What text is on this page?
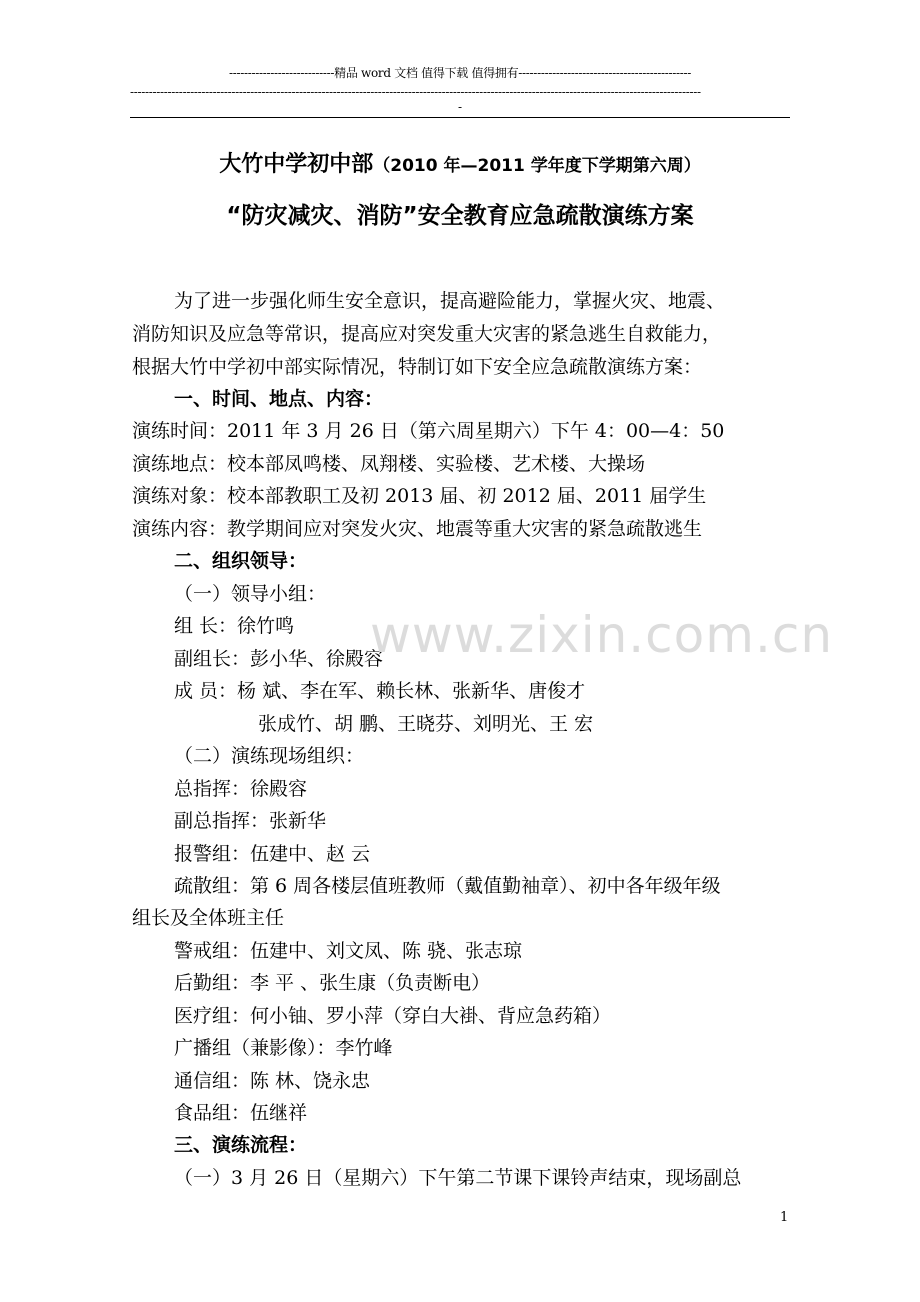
----------------------------精品 word 文档 值得下载 值得拥有----------------------------------------------
--------------------------------------------------------------------------------------------------------------------------------------------------------
-
大竹中学初中部（2010 年—2011 学年度下学期第六周）
“防灾减灾、消防”安全教育应急疏散演练方案
为了进一步强化师生安全意识，提高避险能力，掌握火灾、地震、
消防知识及应急等常识，提高应对突发重大灾害的紧急逃生自救能力，
根据大竹中学初中部实际情况，特制订如下安全应急疏散演练方案：
一、时间、地点、内容：
演练时间：2011 年 3 月 26 日（第六周星期六）下午 4：00—4：50
演练地点：校本部凤鸣楼、凤翔楼、实验楼、艺术楼、大操场
演练对象：校本部教职工及初 2013 届、初 2012 届、2011 届学生
演练内容：教学期间应对突发火灾、地震等重大灾害的紧急疏散逃生
二、组织领导：
（一）领导小组：
组 长：徐竹鸣
副组长：彭小华、徐殿容
成 员：杨 斌、李在军、赖长林、张新华、唐俊才
张成竹、胡 鹏、王晓芬、刘明光、王 宏
（二）演练现场组织：
总指挥：徐殿容
副总指挥：张新华
报警组：伍建中、赵 云
疏散组：第 6 周各楼层值班教师（戴值勤袖章）、初中各年级年级
组长及全体班主任
警戒组：伍建中、刘文凤、陈 骁、张志琼
后勤组：李 平 、张生康（负责断电）
医疗组：何小铀、罗小萍（穿白大褂、背应急药箱）
广播组（兼影像）：李竹峰
通信组：陈 林、饶永忠
食品组：伍继祥
三、演练流程：
（一）3 月 26 日（星期六）下午第二节课下课铃声结束，现场副总
www.zixin.com.cn
1
